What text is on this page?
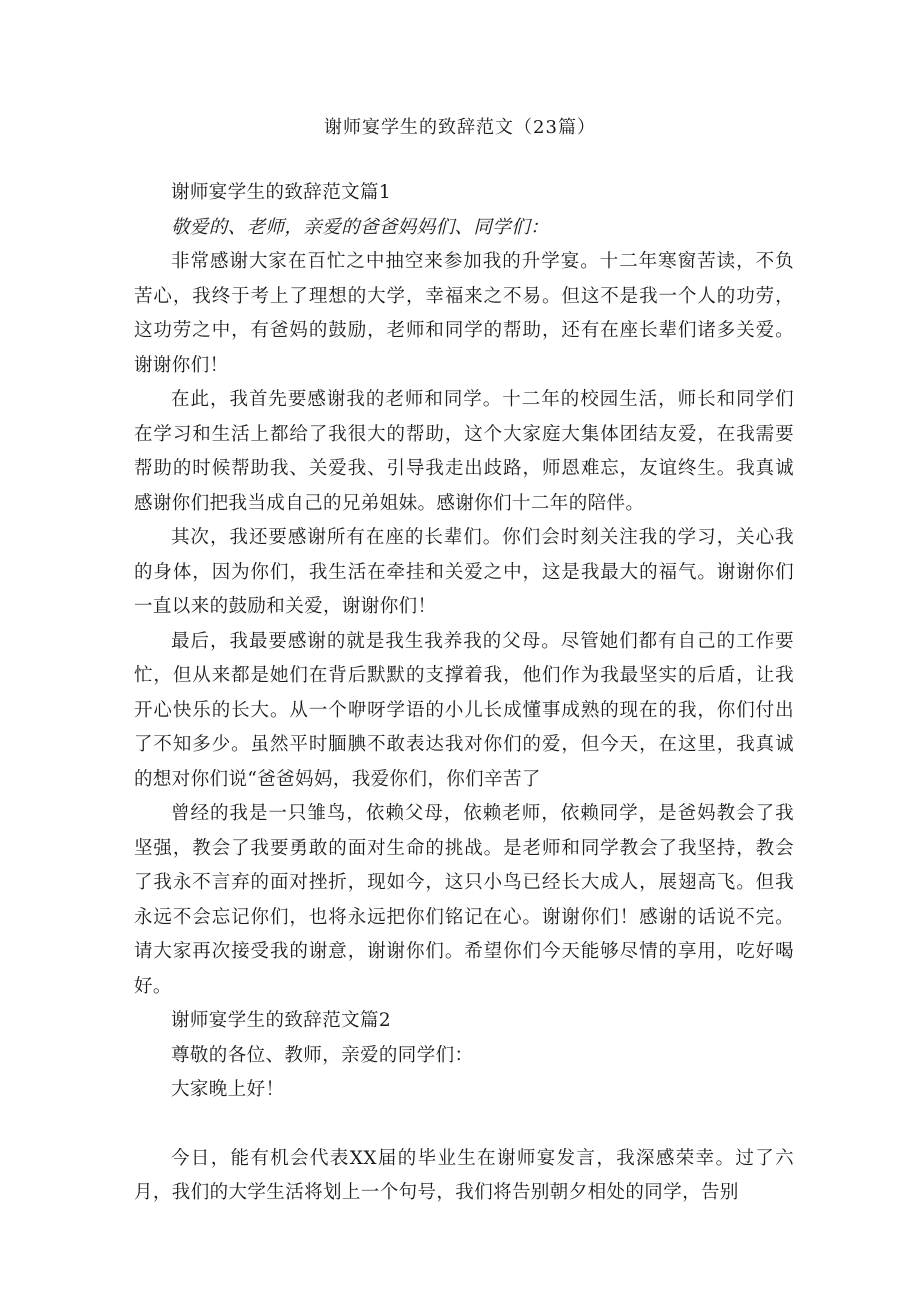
谢师宴学生的致辞范文（23篇）

谢师宴学生的致辞范文篇1

敬爱的、老师，亲爱的爸爸妈妈们、同学们：

非常感谢大家在百忙之中抽空来参加我的升学宴。十二年寒窗苦读，不负苦心，我终于考上了理想的大学，幸福来之不易。但这不是我一个人的功劳，这功劳之中，有爸妈的鼓励，老师和同学的帮助，还有在座长辈们诸多关爱。谢谢你们！

在此，我首先要感谢我的老师和同学。十二年的校园生活，师长和同学们在学习和生活上都给了我很大的帮助，这个大家庭大集体团结友爱，在我需要帮助的时候帮助我、关爱我、引导我走出歧路，师恩难忘，友谊终生。我真诚感谢你们把我当成自己的兄弟姐妹。感谢你们十二年的陪伴。

其次，我还要感谢所有在座的长辈们。你们会时刻关注我的学习，关心我的身体，因为你们，我生活在牵挂和关爱之中，这是我最大的福气。谢谢你们一直以来的鼓励和关爱，谢谢你们！

最后，我最要感谢的就是我生我养我的父母。尽管她们都有自己的工作要忙，但从来都是她们在背后默默的支撑着我，他们作为我最坚实的后盾，让我开心快乐的长大。从一个咿呀学语的小儿长成懂事成熟的现在的我，你们付出了不知多少。虽然平时腼腆不敢表达我对你们的爱，但今天，在这里，我真诚的想对你们说“爸爸妈妈，我爱你们，你们辛苦了

曾经的我是一只雏鸟，依赖父母，依赖老师，依赖同学，是爸妈教会了我坚强，教会了我要勇敢的面对生命的挑战。是老师和同学教会了我坚持，教会了我永不言弃的面对挫折，现如今，这只小鸟已经长大成人，展翅高飞。但我永远不会忘记你们，也将永远把你们铭记在心。谢谢你们！感谢的话说不完。请大家再次接受我的谢意，谢谢你们。希望你们今天能够尽情的享用，吃好喝好。

谢师宴学生的致辞范文篇2

尊敬的各位、教师，亲爱的同学们：

大家晚上好！

今日，能有机会代表XX届的毕业生在谢师宴发言，我深感荣幸。过了六月，我们的大学生活将划上一个句号，我们将告别朝夕相处的同学，告别
